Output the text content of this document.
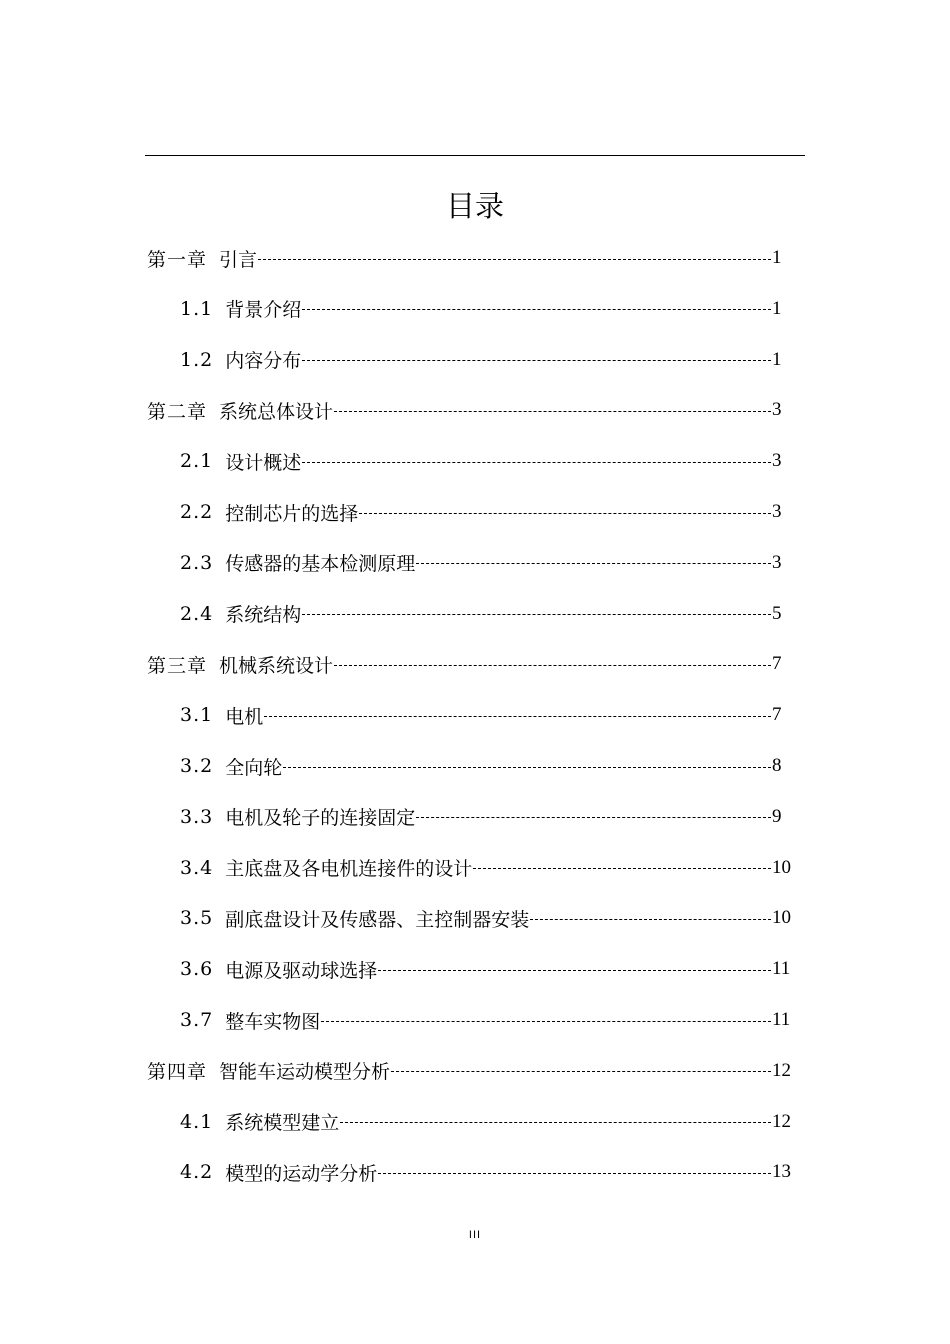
目录
第一章 引言	1
1.1 背景介绍	1
1.2 内容分布	1
第二章 系统总体设计	3
2.1 设计概述	3
2.2 控制芯片的选择	3
2.3 传感器的基本检测原理	3
2.4 系统结构	5
第三章 机械系统设计	7
3.1 电机	7
3.2 全向轮	8
3.3 电机及轮子的连接固定	9
3.4 主底盘及各电机连接件的设计	10
3.5 副底盘设计及传感器、主控制器安装	10
3.6 电源及驱动球选择	11
3.7 整车实物图	11
第四章 智能车运动模型分析	12
4.1 系统模型建立	12
4.2 模型的运动学分析	13
III
